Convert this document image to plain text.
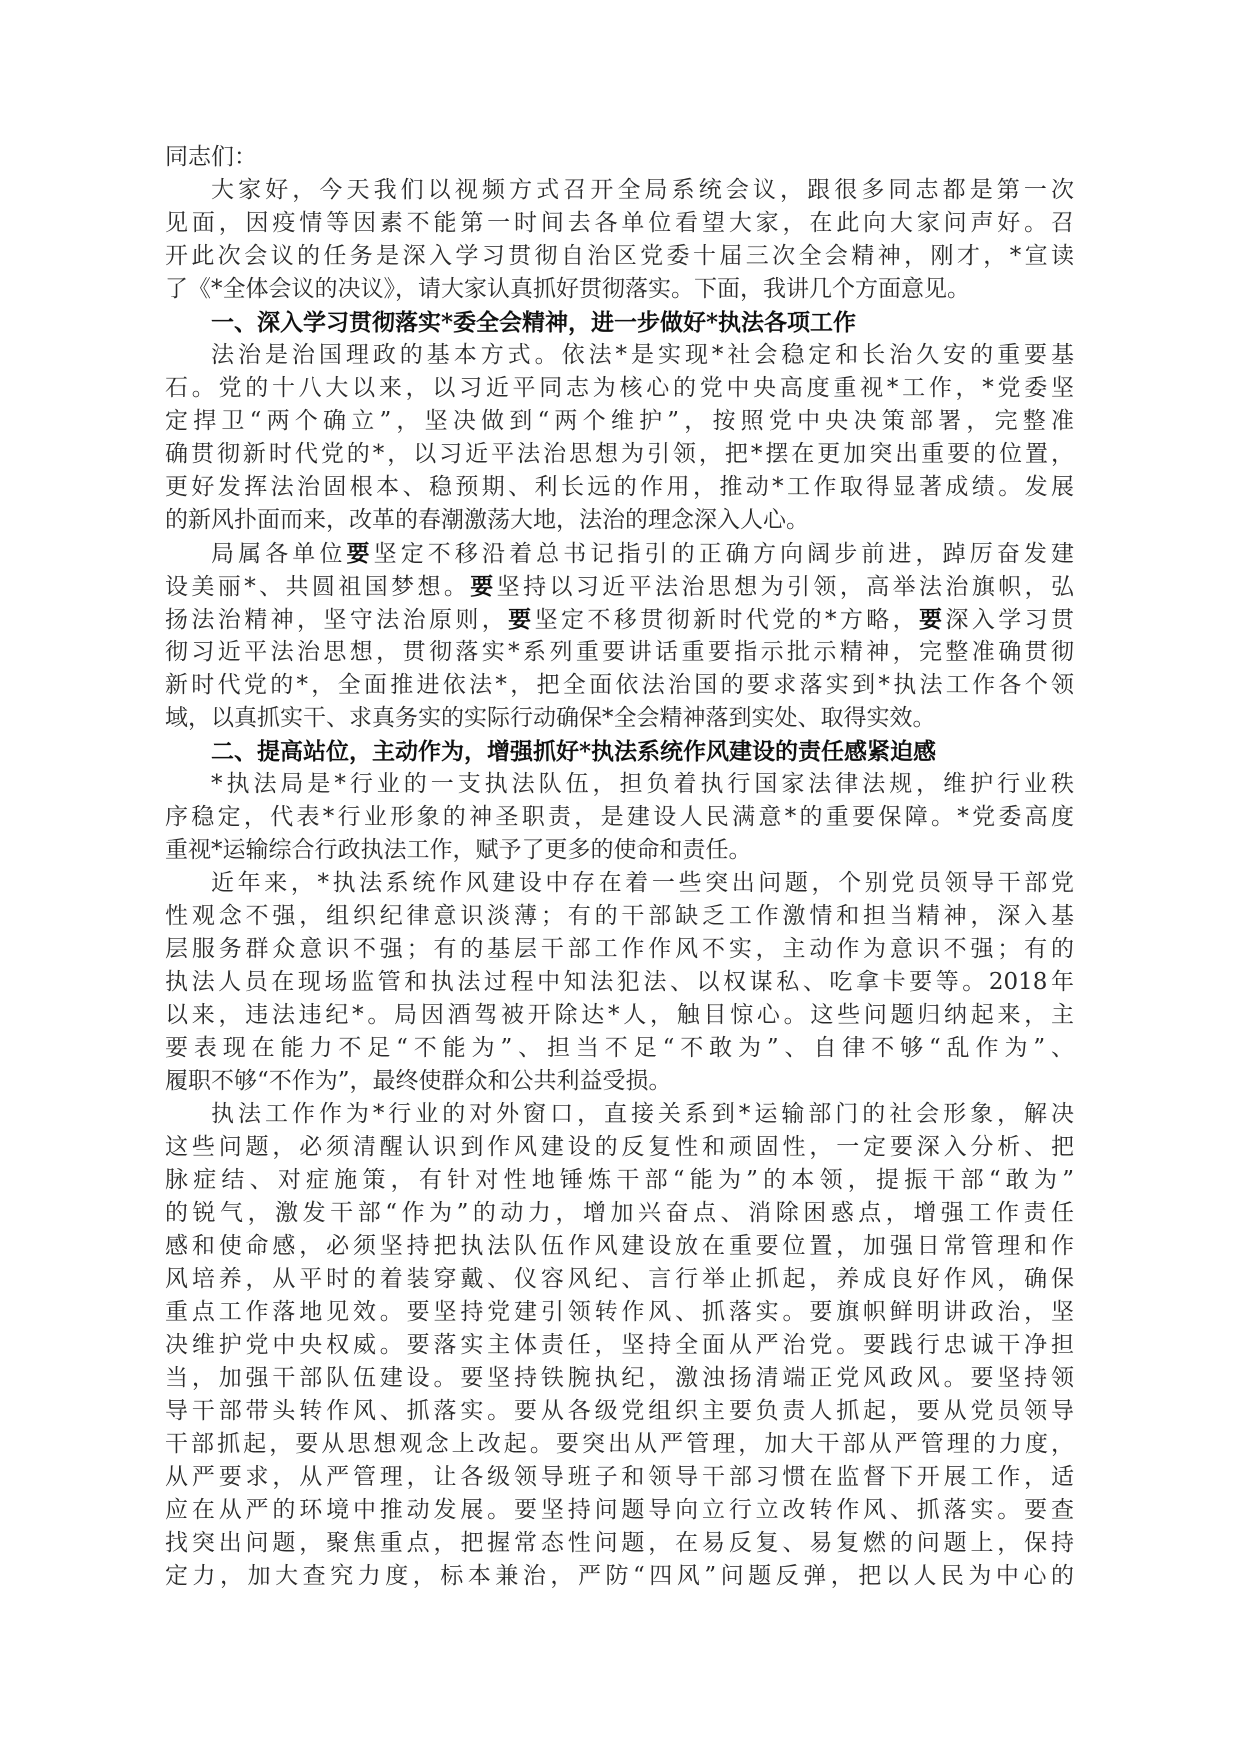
同志们：
大家好，今天我们以视频方式召开全局系统会议，跟很多同志都是第一次
见面，因疫情等因素不能第一时间去各单位看望大家，在此向大家问声好。召
开此次会议的任务是深入学习贯彻自治区党委十届三次全会精神，刚才，*宣读
了《*全体会议的决议》，请大家认真抓好贯彻落实。下面，我讲几个方面意见。
一、深入学习贯彻落实*委全会精神，进一步做好*执法各项工作
法治是治国理政的基本方式。依法*是实现*社会稳定和长治久安的重要基
石。党的十八大以来，以习近平同志为核心的党中央高度重视*工作，*党委坚
定捍卫“两个确立”，坚决做到“两个维护”，按照党中央决策部署，完整准
确贯彻新时代党的*，以习近平法治思想为引领，把*摆在更加突出重要的位置，
更好发挥法治固根本、稳预期、利长远的作用，推动*工作取得显著成绩。发展
的新风扑面而来，改革的春潮激荡大地，法治的理念深入人心。
局属各单位要坚定不移沿着总书记指引的正确方向阔步前进，踔厉奋发建
设美丽*、共圆祖国梦想。要坚持以习近平法治思想为引领，高举法治旗帜，弘
扬法治精神，坚守法治原则，要坚定不移贯彻新时代党的*方略，要深入学习贯
彻习近平法治思想，贯彻落实*系列重要讲话重要指示批示精神，完整准确贯彻
新时代党的*，全面推进依法*，把全面依法治国的要求落实到*执法工作各个领
域，以真抓实干、求真务实的实际行动确保*全会精神落到实处、取得实效。
二、提高站位，主动作为，增强抓好*执法系统作风建设的责任感紧迫感
*执法局是*行业的一支执法队伍，担负着执行国家法律法规，维护行业秩
序稳定，代表*行业形象的神圣职责，是建设人民满意*的重要保障。*党委高度
重视*运输综合行政执法工作，赋予了更多的使命和责任。
近年来，*执法系统作风建设中存在着一些突出问题，个别党员领导干部党
性观念不强，组织纪律意识淡薄；有的干部缺乏工作激情和担当精神，深入基
层服务群众意识不强；有的基层干部工作作风不实，主动作为意识不强；有的
执法人员在现场监管和执法过程中知法犯法、以权谋私、吃拿卡要等。2018年
以来，违法违纪*。局因酒驾被开除达*人，触目惊心。这些问题归纳起来，主
要表现在能力不足“不能为”、担当不足“不敢为”、自律不够“乱作为”、
履职不够“不作为”，最终使群众和公共利益受损。
执法工作作为*行业的对外窗口，直接关系到*运输部门的社会形象，解决
这些问题，必须清醒认识到作风建设的反复性和顽固性，一定要深入分析、把
脉症结、对症施策，有针对性地锤炼干部“能为”的本领，提振干部“敢为”
的锐气，激发干部“作为”的动力，增加兴奋点、消除困惑点，增强工作责任
感和使命感，必须坚持把执法队伍作风建设放在重要位置，加强日常管理和作
风培养，从平时的着装穿戴、仪容风纪、言行举止抓起，养成良好作风，确保
重点工作落地见效。要坚持党建引领转作风、抓落实。要旗帜鲜明讲政治，坚
决维护党中央权威。要落实主体责任，坚持全面从严治党。要践行忠诚干净担
当，加强干部队伍建设。要坚持铁腕执纪，激浊扬清端正党风政风。要坚持领
导干部带头转作风、抓落实。要从各级党组织主要负责人抓起，要从党员领导
干部抓起，要从思想观念上改起。要突出从严管理，加大干部从严管理的力度，
从严要求，从严管理，让各级领导班子和领导干部习惯在监督下开展工作，适
应在从严的环境中推动发展。要坚持问题导向立行立改转作风、抓落实。要查
找突出问题，聚焦重点，把握常态性问题，在易反复、易复燃的问题上，保持
定力，加大查究力度，标本兼治，严防“四风”问题反弹，把以人民为中心的
